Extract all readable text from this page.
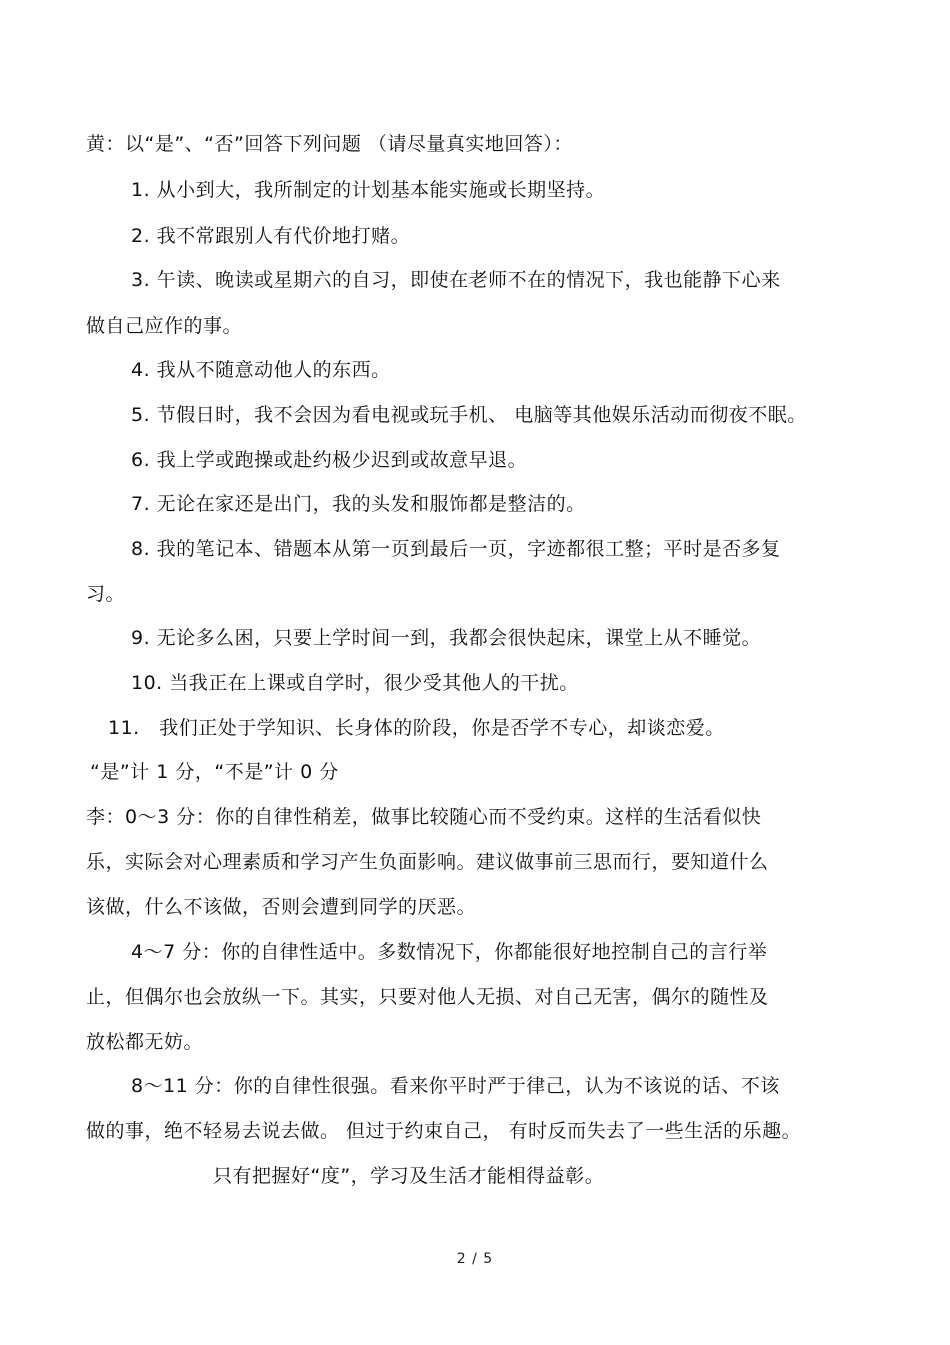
黄：以“是”、“否”回答下列问题 （请尽量真实地回答）：
1. 从小到大，我所制定的计划基本能实施或长期坚持。
2. 我不常跟别人有代价地打赌。
3. 午读、晚读或星期六的自习，即使在老师不在的情况下，我也能静下心来
做自己应作的事。
4. 我从不随意动他人的东西。
5. 节假日时，我不会因为看电视或玩手机、 电脑等其他娱乐活动而彻夜不眠。
6. 我上学或跑操或赴约极少迟到或故意早退。
7. 无论在家还是出门，我的头发和服饰都是整洁的。
8. 我的笔记本、错题本从第一页到最后一页，字迹都很工整；平时是否多复
习。
9. 无论多么困，只要上学时间一到，我都会很快起床，课堂上从不睡觉。
10. 当我正在上课或自学时，很少受其他人的干扰。
11.　我们正处于学知识、长身体的阶段，你是否学不专心，却谈恋爱。
“是”计 1 分，“不是”计 0 分
李：0～3 分：你的自律性稍差，做事比较随心而不受约束。这样的生活看似快
乐，实际会对心理素质和学习产生负面影响。建议做事前三思而行，要知道什么
该做，什么不该做，否则会遭到同学的厌恶。
4～7 分：你的自律性适中。多数情况下，你都能很好地控制自己的言行举
止，但偶尔也会放纵一下。其实，只要对他人无损、对自己无害，偶尔的随性及
放松都无妨。
8～11 分：你的自律性很强。看来你平时严于律己，认为不该说的话、不该
做的事，绝不轻易去说去做。 但过于约束自己， 有时反而失去了一些生活的乐趣。
只有把握好“度”，学习及生活才能相得益彰。
2 / 5
